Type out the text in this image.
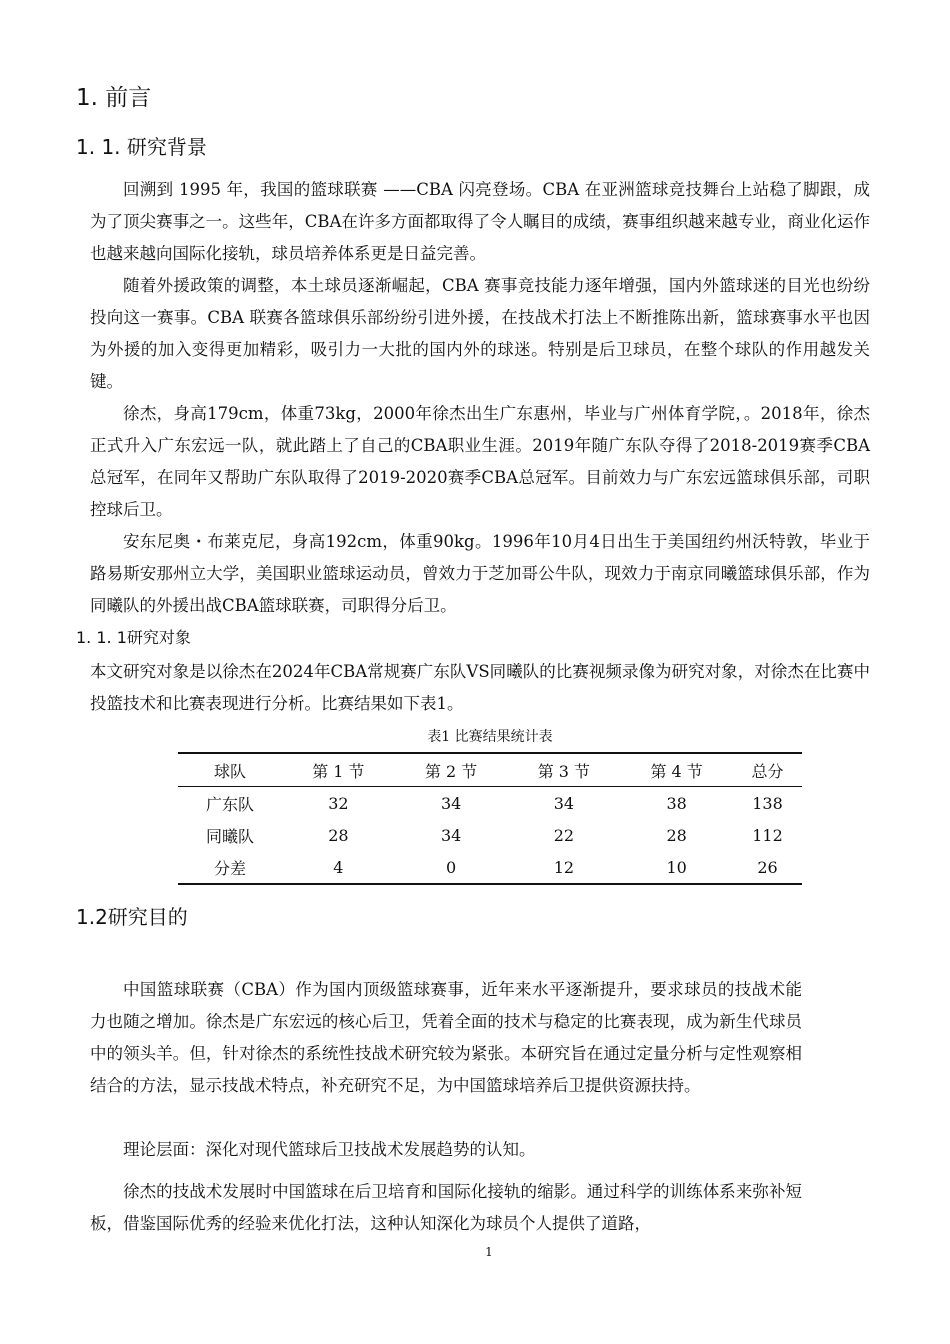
1. 前言
1. 1. 研究背景

回溯到 1995 年，我国的篮球联赛 ——CBA 闪亮登场。CBA 在亚洲篮球竞技舞台上站稳了脚跟，成为了顶尖赛事之一。这些年，CBA在许多方面都取得了令人瞩目的成绩，赛事组织越来越专业，商业化运作也越来越向国际化接轨，球员培养体系更是日益完善。

随着外援政策的调整，本土球员逐渐崛起，CBA 赛事竞技能力逐年增强，国内外篮球迷的目光也纷纷投向这一赛事。CBA 联赛各篮球俱乐部纷纷引进外援，在技战术打法上不断推陈出新，篮球赛事水平也因为外援的加入变得更加精彩，吸引力一大批的国内外的球迷。特别是后卫球员，在整个球队的作用越发关键。

徐杰，身高179cm，体重73kg，2000年徐杰出生广东惠州，毕业与广州体育学院，。2018年，徐杰正式升入广东宏远一队，就此踏上了自己的CBA职业生涯。2019年随广东队夺得了2018-2019赛季CBA总冠军，在同年又帮助广东队取得了2019-2020赛季CBA总冠军。目前效力与广东宏远篮球俱乐部，司职控球后卫。

安东尼奥・布莱克尼，身高192cm，体重90kg。1996年10月4日出生于美国纽约州沃特敦，毕业于路易斯安那州立大学，美国职业篮球运动员，曾效力于芝加哥公牛队，现效力于南京同曦篮球俱乐部，作为同曦队的外援出战CBA篮球联赛，司职得分后卫。

1. 1. 1研究对象

本文研究对象是以徐杰在2024年CBA常规赛广东队VS同曦队的比赛视频录像为研究对象，对徐杰在比赛中投篮技术和比赛表现进行分析。比赛结果如下表1。

表1 比赛结果统计表
球队	第 1 节	第 2 节	第 3 节	第 4 节	总分
广东队	32	34	34	38	138
同曦队	28	34	22	28	112
分差	4	0	12	10	26
1.2研究目的

中国篮球联赛（CBA）作为国内顶级篮球赛事，近年来水平逐渐提升，要求球员的技战术能力也随之增加。徐杰是广东宏远的核心后卫，凭着全面的技术与稳定的比赛表现，成为新生代球员中的领头羊。但，针对徐杰的系统性技战术研究较为紧张。本研究旨在通过定量分析与定性观察相结合的方法，显示技战术特点，补充研究不足，为中国篮球培养后卫提供资源扶持。

理论层面：深化对现代篮球后卫技战术发展趋势的认知。

徐杰的技战术发展时中国篮球在后卫培育和国际化接轨的缩影。通过科学的训练体系来弥补短板，借鉴国际优秀的经验来优化打法，这种认知深化为球员个人提供了道路，

1
